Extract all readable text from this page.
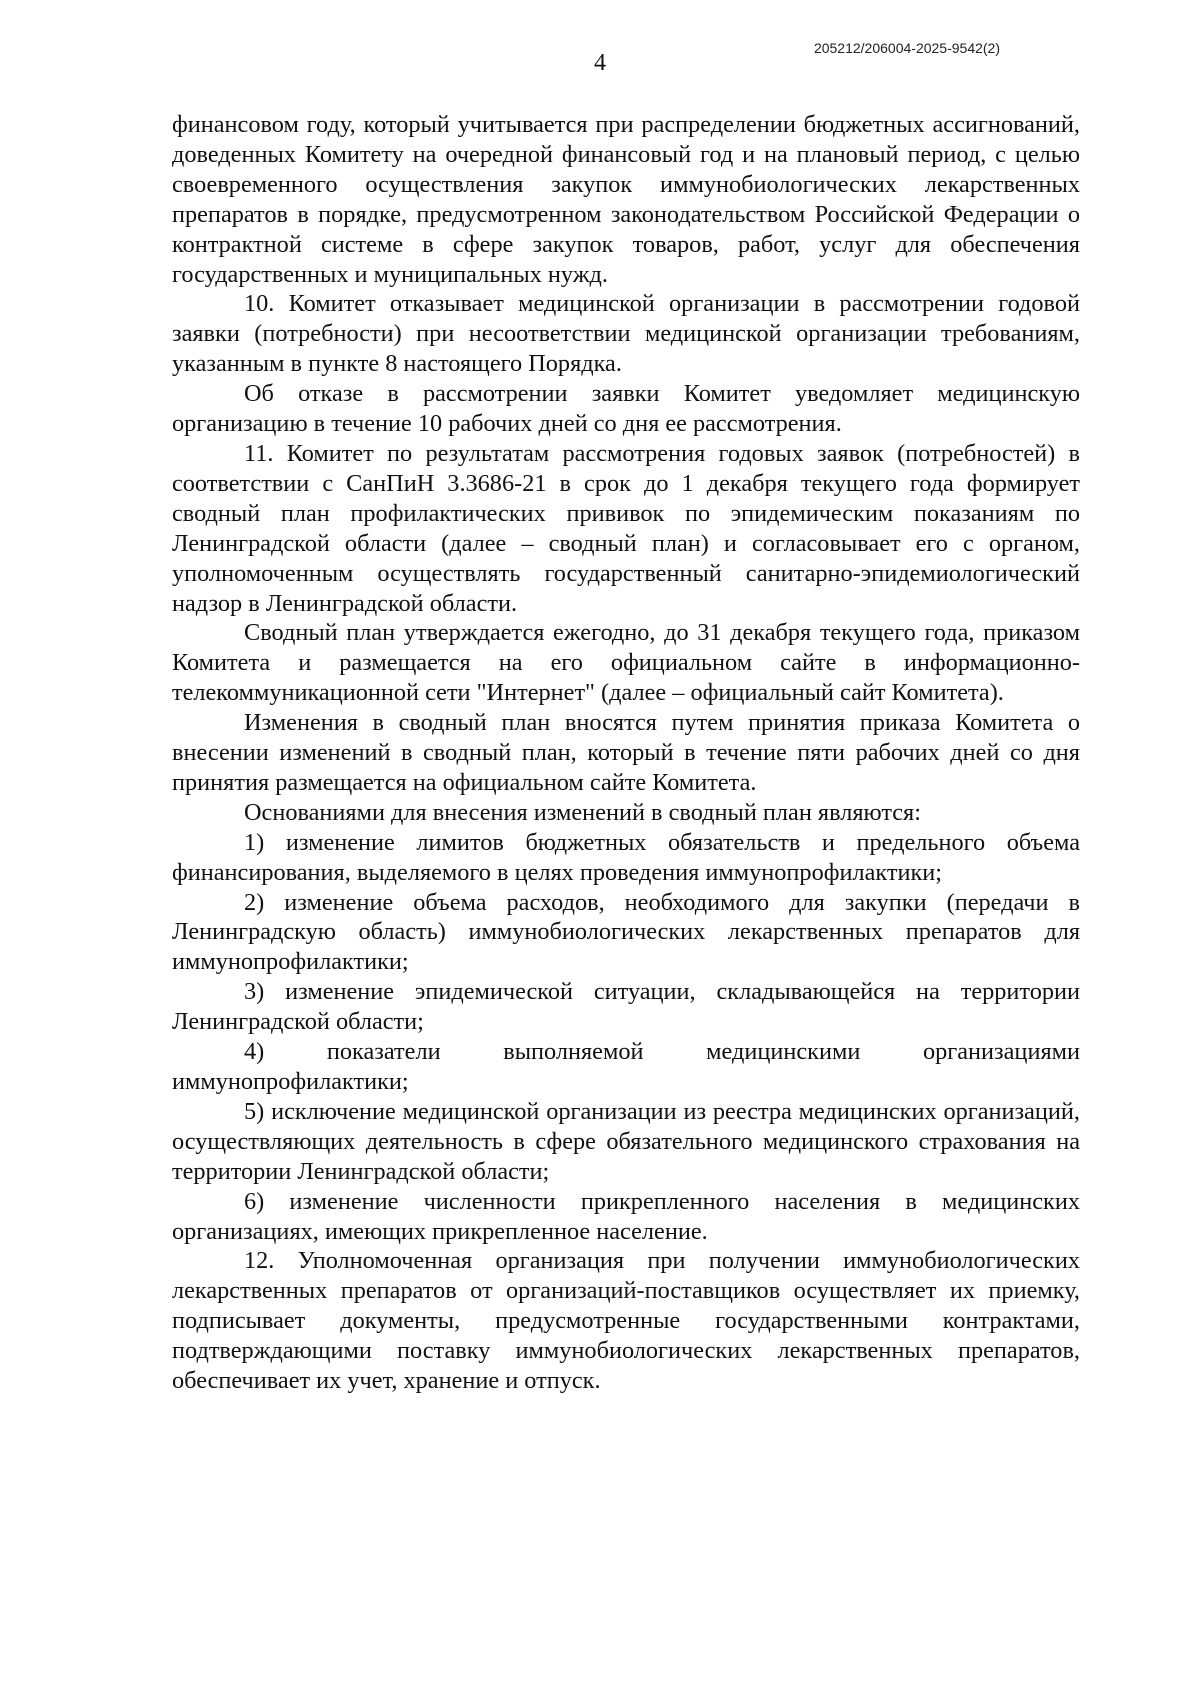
205212/206004-2025-9542(2)
4

финансовом году, который учитывается при распределении бюджетных ассигнований, доведенных Комитету на очередной финансовый год и на плановый период, с целью своевременного осуществления закупок иммунобиологических лекарственных препаратов в порядке, предусмотренном законодательством Российской Федерации о контрактной системе в сфере закупок товаров, работ, услуг для обеспечения государственных и муниципальных нужд.

10. Комитет отказывает медицинской организации в рассмотрении годовой заявки (потребности) при несоответствии медицинской организации требованиям, указанным в пункте 8 настоящего Порядка.

Об отказе в рассмотрении заявки Комитет уведомляет медицинскую организацию в течение 10 рабочих дней со дня ее рассмотрения.

11. Комитет по результатам рассмотрения годовых заявок (потребностей) в соответствии с СанПиН 3.3686-21 в срок до 1 декабря текущего года формирует сводный план профилактических прививок по эпидемическим показаниям по Ленинградской области (далее – сводный план) и согласовывает его с органом, уполномоченным осуществлять государственный санитарно-эпидемиологический надзор в Ленинградской области.

Сводный план утверждается ежегодно, до 31 декабря текущего года, приказом Комитета и размещается на его официальном сайте в информационно-телекоммуникационной сети "Интернет" (далее – официальный сайт Комитета).

Изменения в сводный план вносятся путем принятия приказа Комитета о внесении изменений в сводный план, который в течение пяти рабочих дней со дня принятия размещается на официальном сайте Комитета.

Основаниями для внесения изменений в сводный план являются:

1) изменение лимитов бюджетных обязательств и предельного объема финансирования, выделяемого в целях проведения иммунопрофилактики;

2) изменение объема расходов, необходимого для закупки (передачи в Ленинградскую область) иммунобиологических лекарственных препаратов для иммунопрофилактики;

3) изменение эпидемической ситуации, складывающейся на территории Ленинградской области;

4) показатели выполняемой медицинскими организациями иммунопрофилактики;

5) исключение медицинской организации из реестра медицинских организаций, осуществляющих деятельность в сфере обязательного медицинского страхования на территории Ленинградской области;

6) изменение численности прикрепленного населения в медицинских организациях, имеющих прикрепленное население.

12. Уполномоченная организация при получении иммунобиологических лекарственных препаратов от организаций-поставщиков осуществляет их приемку, подписывает документы, предусмотренные государственными контрактами, подтверждающими поставку иммунобиологических лекарственных препаратов, обеспечивает их учет, хранение и отпуск.
